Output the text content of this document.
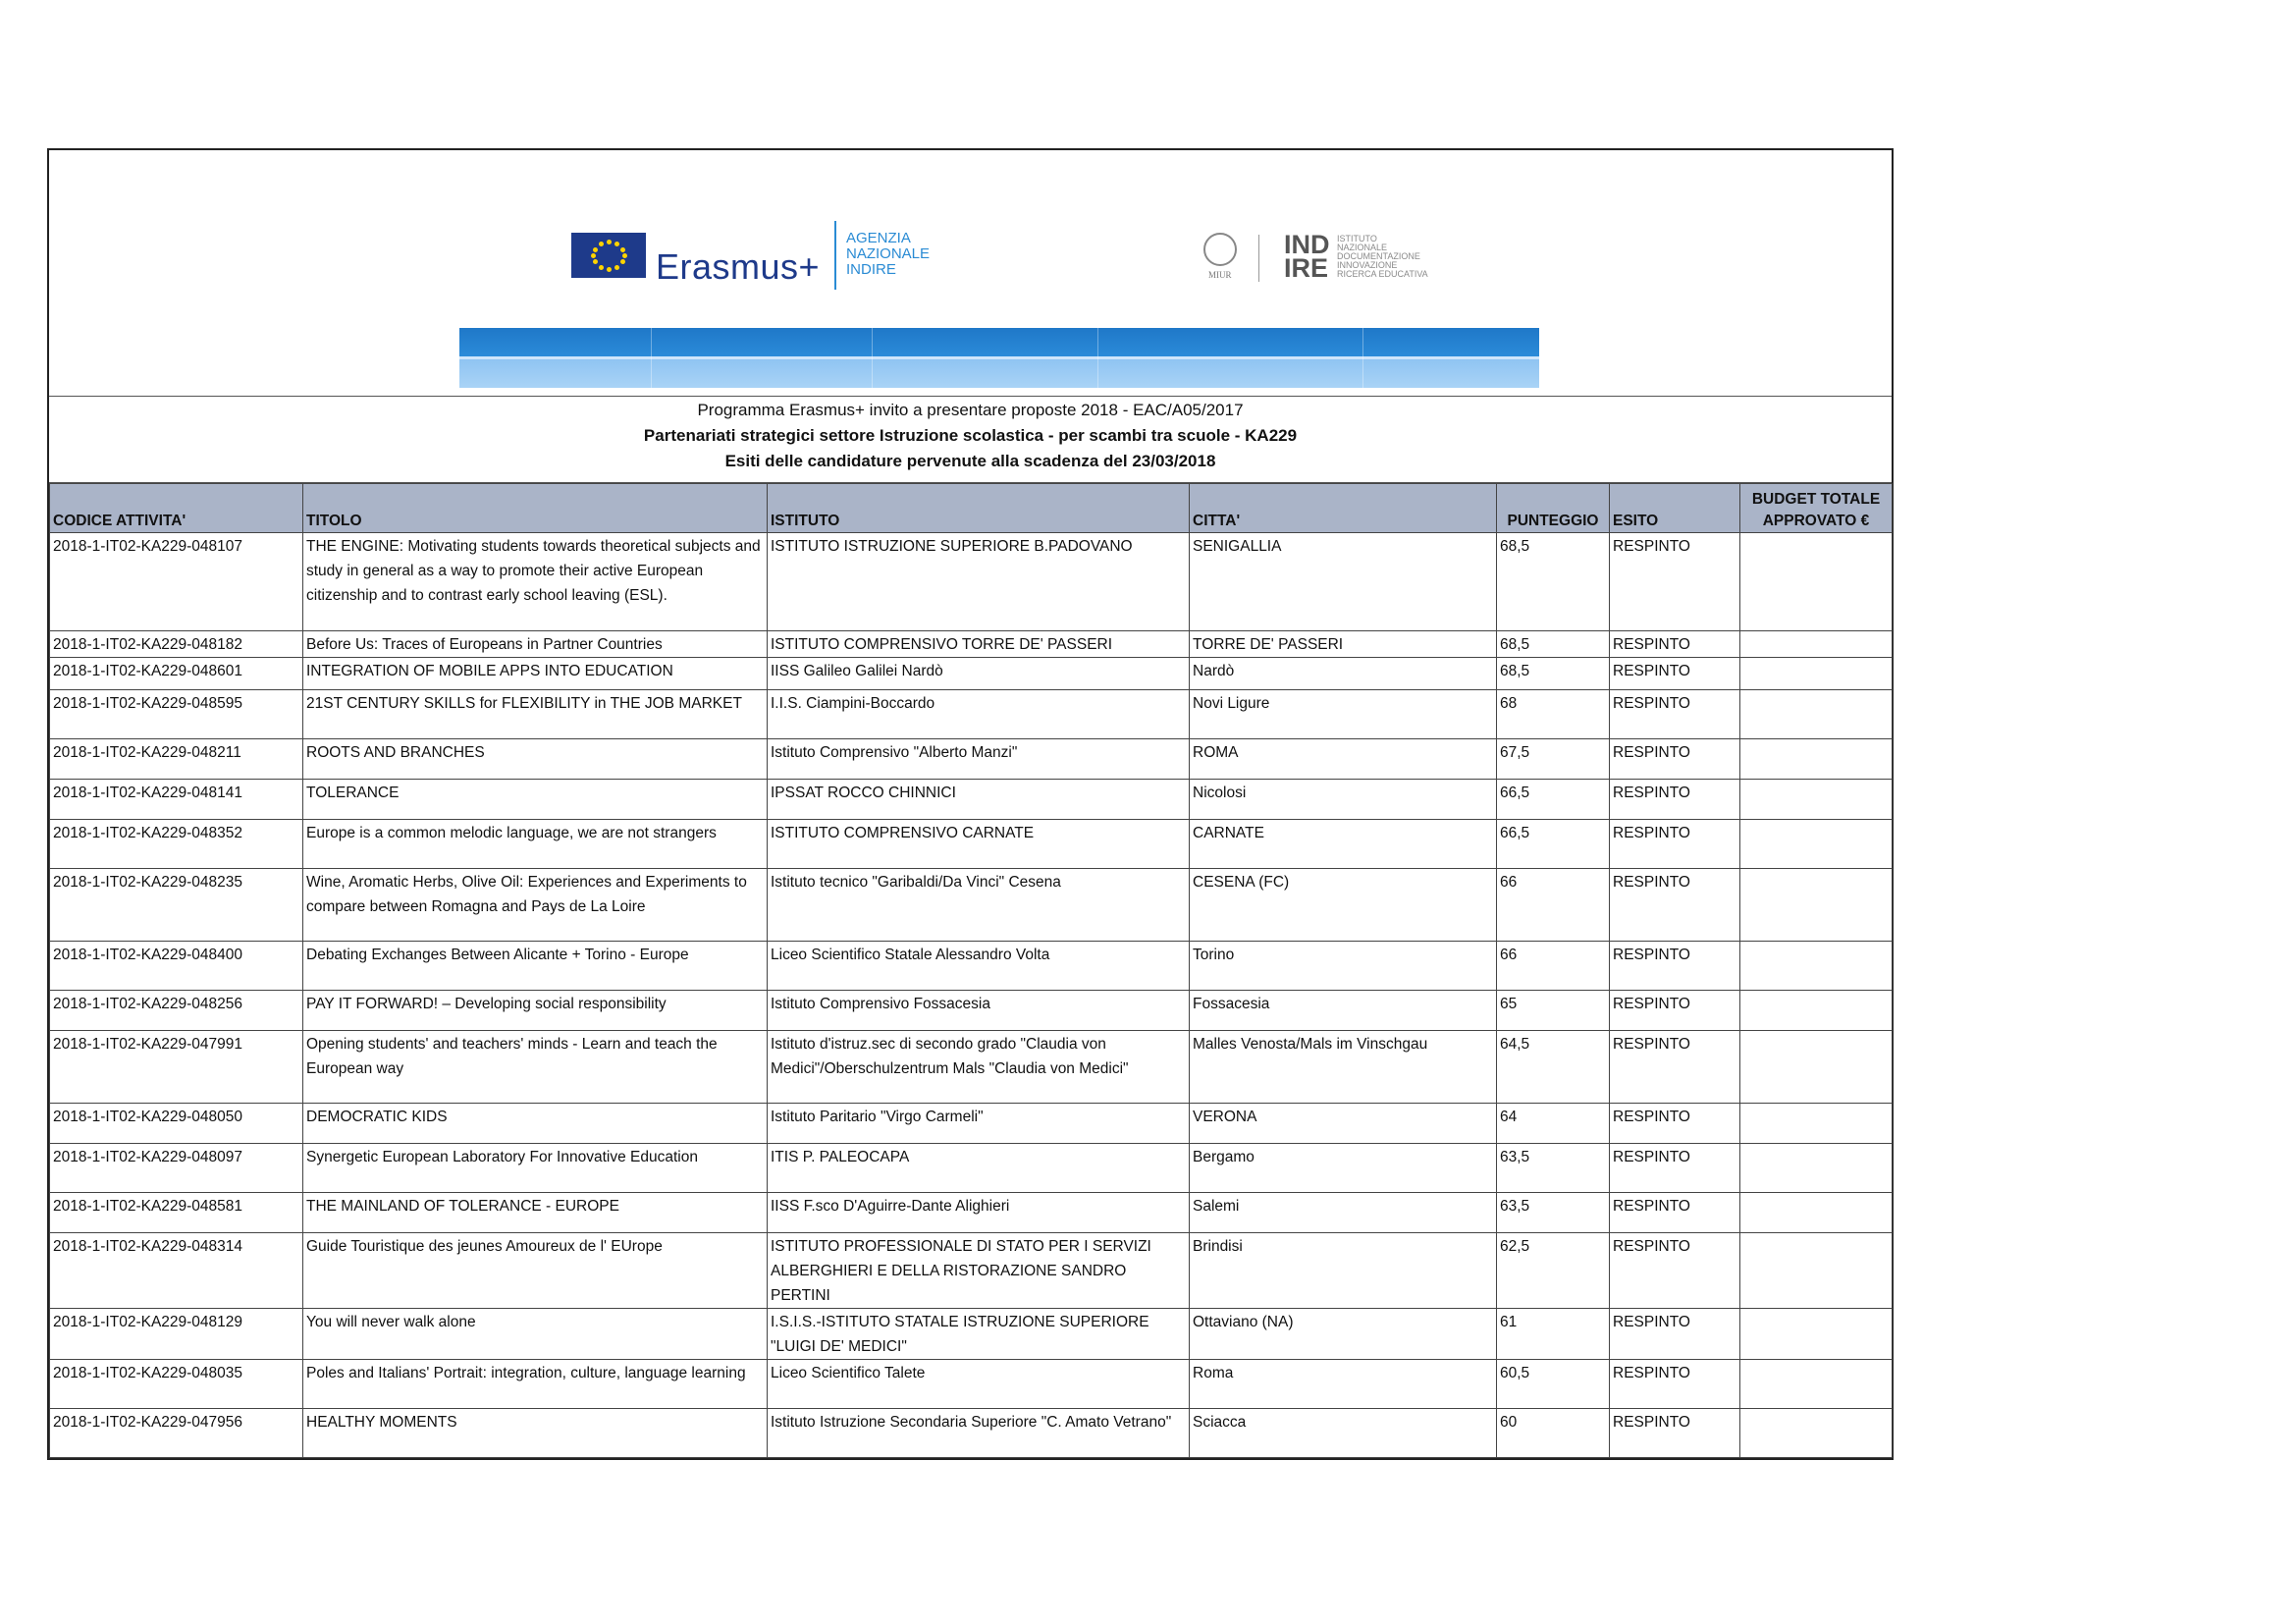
Erasmus+
AGENZIA
NAZIONALE
INDIRE	MIUR
IND
IRE
ISTITUTO
NAZIONALE
DOCUMENTAZIONE
INNOVAZIONE
RICERCA EDUCATIVA
Programma Erasmus+ invito a presentare proposte 2018 - EAC/A05/2017
Partenariati strategici settore Istruzione scolastica - per scambi tra scuole - KA229
Esiti delle candidature pervenute alla scadenza del 23/03/2018
CODICE ATTIVITA'	TITOLO	ISTITUTO	CITTA'	PUNTEGGIO	ESITO	BUDGET TOTALE APPROVATO €
2018-1-IT02-KA229-048107	THE ENGINE: Motivating students towards theoretical subjects and study in general as a way to promote their active European citizenship and to contrast early school leaving (ESL).	ISTITUTO ISTRUZIONE SUPERIORE B.PADOVANO	SENIGALLIA	68,5	RESPINTO	
2018-1-IT02-KA229-048182	Before Us: Traces of Europeans in Partner Countries	ISTITUTO COMPRENSIVO TORRE DE' PASSERI	TORRE DE' PASSERI	68,5	RESPINTO	
2018-1-IT02-KA229-048601	INTEGRATION OF MOBILE APPS INTO EDUCATION	IISS Galileo Galilei Nardò	Nardò	68,5	RESPINTO	
2018-1-IT02-KA229-048595	21ST CENTURY SKILLS for FLEXIBILITY in THE JOB MARKET	I.I.S. Ciampini-Boccardo	Novi Ligure	68	RESPINTO	
2018-1-IT02-KA229-048211	ROOTS AND BRANCHES	Istituto Comprensivo "Alberto Manzi"	ROMA	67,5	RESPINTO	
2018-1-IT02-KA229-048141	TOLERANCE	IPSSAT ROCCO CHINNICI	Nicolosi	66,5	RESPINTO	
2018-1-IT02-KA229-048352	Europe is a common melodic language, we are not strangers	ISTITUTO COMPRENSIVO CARNATE	CARNATE	66,5	RESPINTO	
2018-1-IT02-KA229-048235	Wine, Aromatic Herbs, Olive Oil: Experiences and Experiments to compare between Romagna and Pays de La Loire	Istituto tecnico "Garibaldi/Da Vinci" Cesena	CESENA (FC)	66	RESPINTO	
2018-1-IT02-KA229-048400	Debating Exchanges Between Alicante + Torino - Europe	Liceo Scientifico Statale Alessandro Volta	Torino	66	RESPINTO	
2018-1-IT02-KA229-048256	PAY IT FORWARD! – Developing social responsibility	Istituto Comprensivo Fossacesia	Fossacesia	65	RESPINTO	
2018-1-IT02-KA229-047991	Opening students' and teachers' minds - Learn and teach the European way	Istituto d'istruz.sec di secondo grado "Claudia von Medici"/Oberschulzentrum Mals "Claudia von Medici"	Malles Venosta/Mals im Vinschgau	64,5	RESPINTO	
2018-1-IT02-KA229-048050	DEMOCRATIC KIDS	Istituto Paritario "Virgo Carmeli"	VERONA	64	RESPINTO	
2018-1-IT02-KA229-048097	Synergetic European Laboratory For Innovative Education	ITIS P. PALEOCAPA	Bergamo	63,5	RESPINTO	
2018-1-IT02-KA229-048581	THE MAINLAND OF TOLERANCE - EUROPE	IISS F.sco D'Aguirre-Dante Alighieri	Salemi	63,5	RESPINTO	
2018-1-IT02-KA229-048314	Guide Touristique des jeunes Amoureux de l' EUrope	ISTITUTO PROFESSIONALE DI STATO PER I SERVIZI ALBERGHIERI E DELLA RISTORAZIONE SANDRO PERTINI	Brindisi	62,5	RESPINTO	
2018-1-IT02-KA229-048129	You will never walk alone	I.S.I.S.-ISTITUTO STATALE ISTRUZIONE SUPERIORE "LUIGI DE' MEDICI"	Ottaviano (NA)	61	RESPINTO	
2018-1-IT02-KA229-048035	Poles and Italians' Portrait: integration, culture, language learning	Liceo Scientifico Talete	Roma	60,5	RESPINTO	
2018-1-IT02-KA229-047956	HEALTHY MOMENTS	Istituto Istruzione Secondaria Superiore "C. Amato Vetrano"	Sciacca	60	RESPINTO	
